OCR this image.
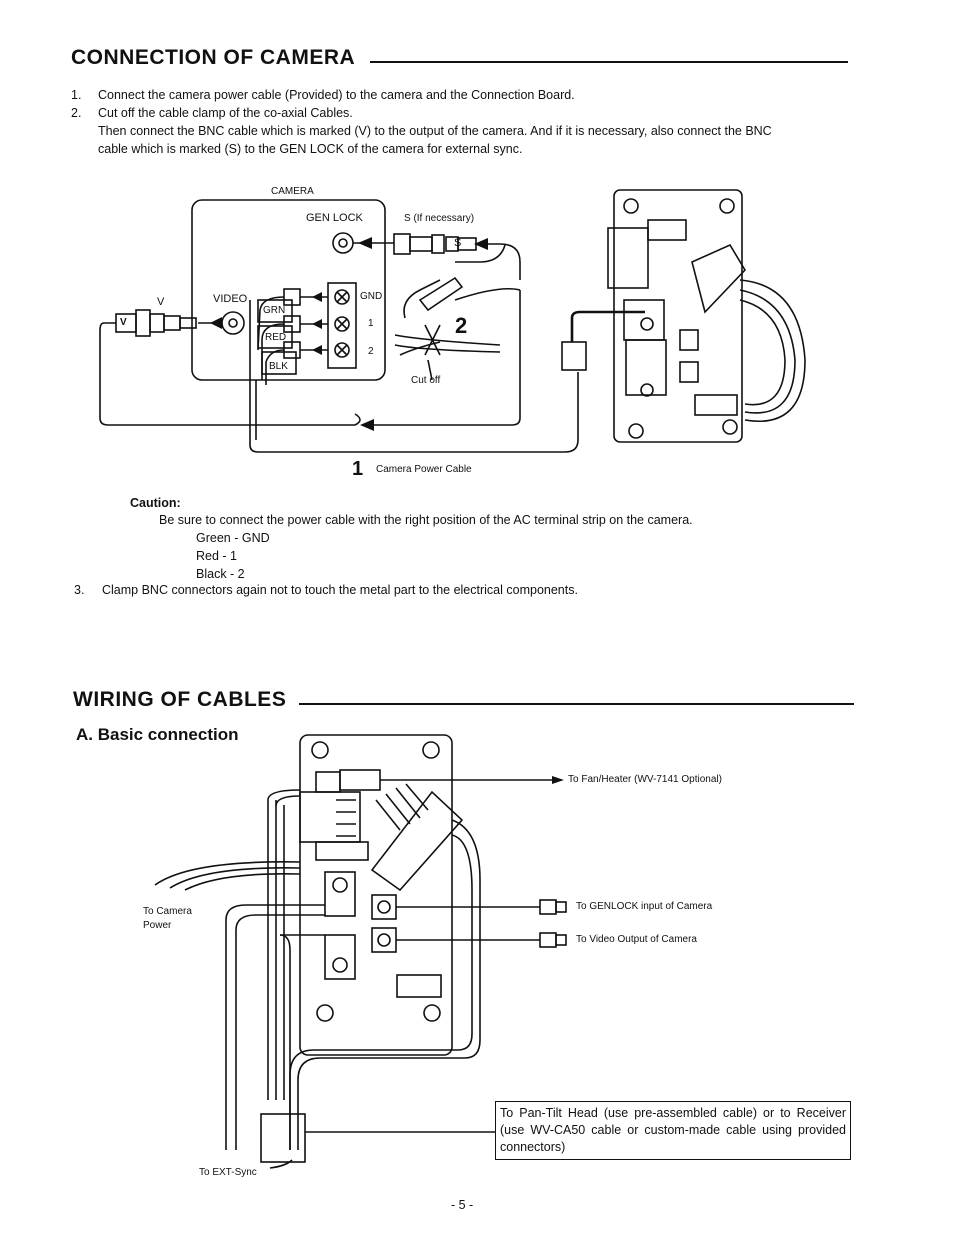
CONNECTION OF CAMERA
1. Connect the camera power cable (Provided) to the camera and the Connection Board.
2. Cut off the cable clamp of the co-axial Cables.
Then connect the BNC cable which is marked (V) to the output of the camera. And if it is necessary, also connect the BNC
cable which is marked (S) to the GEN LOCK of the camera for external sync.
CAMERA
GEN LOCK	S (If necessary)
S
V
V
VIDEO
GRN
RED
BLK
GND
1
2
2
Cut off
1 Camera Power Cable
Caution:
Be sure to connect the power cable with the right position of the AC terminal strip on the camera.
Green - GND
Red - 1
Black - 2
3. Clamp BNC connectors again not to touch the metal part to the electrical components.
WIRING OF CABLES
A. Basic connection
To Fan/Heater (WV-7141 Optional)
To GENLOCK input of Camera
To Video Output of Camera
To Camera
Power
To EXT-Sync
To Pan-Tilt Head (use pre-assembled cable) or to Receiver (use WV-CA50 cable or custom-made cable using provided connectors)
- 5 -
